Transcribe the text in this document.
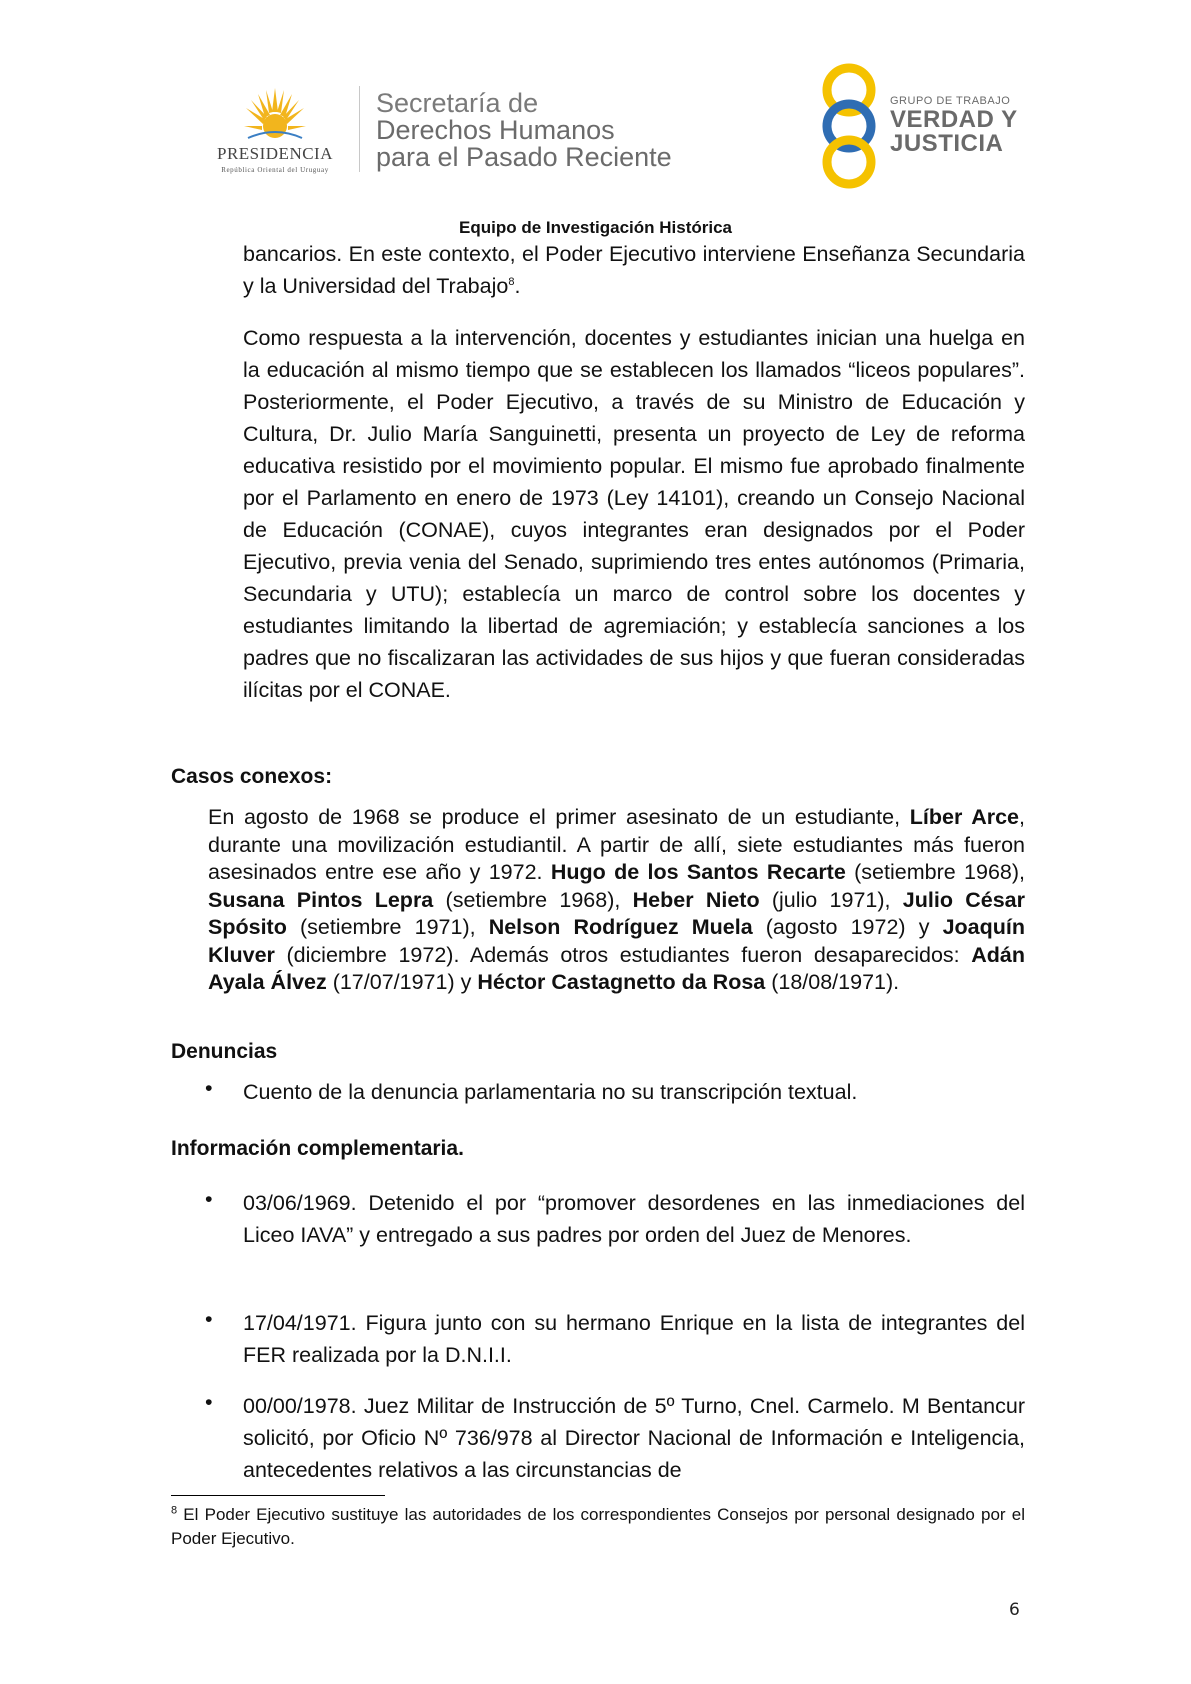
PRESIDENCIA
República Oriental del Uruguay
Secretaría de
Derechos Humanos
para el Pasado Reciente
GRUPO DE TRABAJO
VERDAD Y
JUSTICIA
Equipo de Investigación Histórica
bancarios. En este contexto, el Poder Ejecutivo interviene Enseñanza Secundaria y la Universidad del Trabajo$^8$.
Como respuesta a la intervención, docentes y estudiantes inician una huelga en la educación al mismo tiempo que se establecen los llamados “liceos populares”. Posteriormente, el Poder Ejecutivo, a través de su Ministro de Educación y Cultura, Dr. Julio María Sanguinetti, presenta un proyecto de Ley de reforma educativa resistido por el movimiento popular. El mismo fue aprobado finalmente por el Parlamento en enero de 1973 (Ley 14101), creando un Consejo Nacional de Educación (CONAE), cuyos integrantes eran designados por el Poder Ejecutivo, previa venia del Senado, suprimiendo tres entes autónomos (Primaria, Secundaria y UTU); establecía un marco de control sobre los docentes y estudiantes limitando la libertad de agremiación; y establecía sanciones a los padres que no fiscalizaran las actividades de sus hijos y que fueran consideradas ilícitas por el CONAE.
Casos conexos:
En agosto de 1968 se produce el primer asesinato de un estudiante, Líber Arce, durante una movilización estudiantil. A partir de allí, siete estudiantes más fueron asesinados entre ese año y 1972. Hugo de los Santos Recarte (setiembre 1968), Susana Pintos Lepra (setiembre 1968), Heber Nieto (julio 1971), Julio César Spósito (setiembre 1971), Nelson Rodríguez Muela (agosto 1972) y Joaquín Kluver (diciembre 1972). Además otros estudiantes fueron desaparecidos: Adán Ayala Álvez (17/07/1971) y Héctor Castagnetto da Rosa (18/08/1971).
Denuncias
• Cuento de la denuncia parlamentaria no su transcripción textual.
Información complementaria.
• 03/06/1969. Detenido el por “promover desordenes en las inmediaciones del Liceo IAVA” y entregado a sus padres por orden del Juez de Menores.
• 17/04/1971. Figura junto con su hermano Enrique en la lista de integrantes del FER realizada por la D.N.I.I.
• 00/00/1978. Juez Militar de Instrucción de 5º Turno, Cnel. Carmelo. M Bentancur solicitó, por Oficio Nº 736/978 al Director Nacional de Información e Inteligencia, antecedentes relativos a las circunstancias de
$^8$ El Poder Ejecutivo sustituye las autoridades de los correspondientes Consejos por personal designado por el Poder Ejecutivo.
6
